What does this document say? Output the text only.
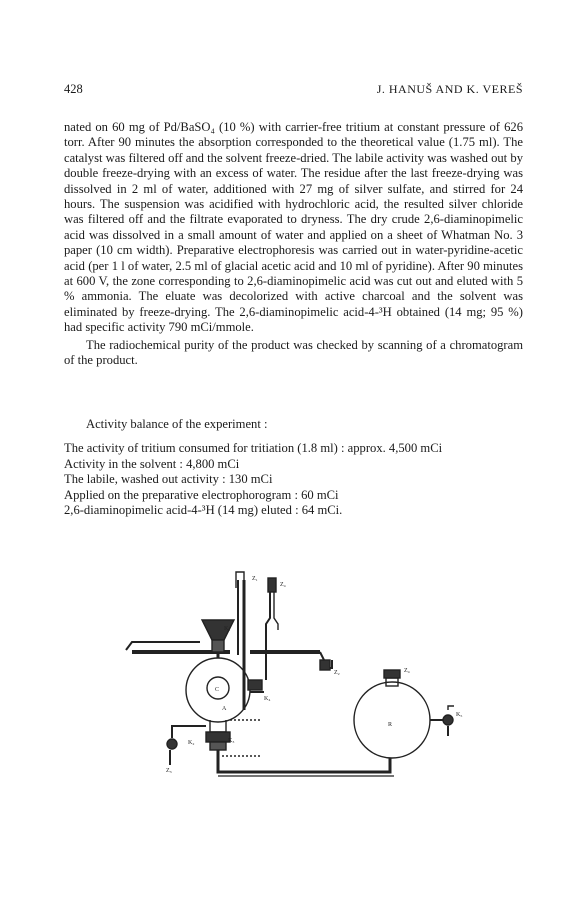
428	J. HANUŠ AND K. VEREŠ

nated on 60 mg of Pd/BaSO₄ (10 %) with carrier-free tritium at constant pressure of 626 torr. After 90 minutes the absorption corresponded to the theoretical value (1.75 ml). The catalyst was filtered off and the solvent freeze-dried. The labile activity was washed out by double freeze-drying with an excess of water. The residue after the last freeze-drying was dissolved in 2 ml of water, additioned with 27 mg of silver sulfate, and stirred for 24 hours. The suspension was acidified with hydrochloric acid, the resulted silver chloride was filtered off and the filtrate evaporated to dryness. The dry crude 2,6-diaminopimelic acid was dissolved in a small amount of water and applied on a sheet of Whatman No. 3 paper (10 cm width). Preparative electrophoresis was carried out in water-pyridine-acetic acid (per 1 l of water, 2.5 ml of glacial acetic acid and 10 ml of pyridine). After 90 minutes at 600 V, the zone corresponding to 2,6-diaminopimelic acid was cut out and eluted with 5 % ammonia. The eluate was decolorized with active charcoal and the solvent was eliminated by freeze-drying. The 2,6-diaminopimelic acid-4-³H obtained (14 mg; 95 %) had specific activity 790 mCi/mmole.

The radiochemical purity of the product was checked by scanning of a chromatogram of the product.

Activity balance of the experiment :
The activity of tritium consumed for tritiation (1.8 ml) : approx. 4,500 mCi
Activity in the solvent : 4,800 mCi
The labile, washed out activity : 130 mCi
Applied on the preparative electrophorogram : 60 mCi
2,6-diaminopimelic acid-4-³H (14 mg) eluted : 64 mCi.
Z₁
Z₄
Z₂
K₁
C
A
K₄
K₂	K₃
Z₃
R
Z₄
K₅
